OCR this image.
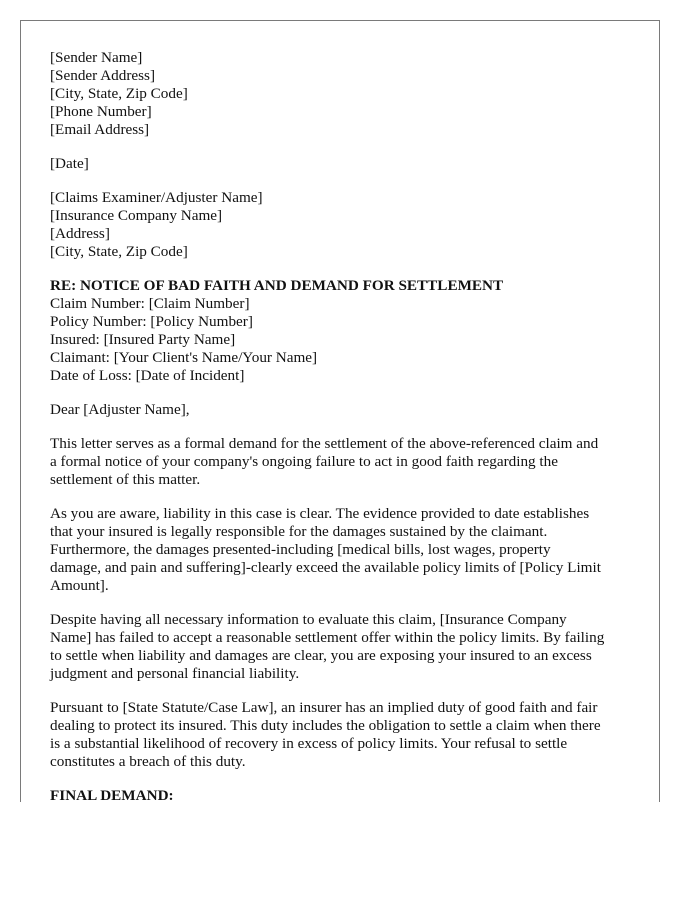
[Sender Name]
[Sender Address]
[City, State, Zip Code]
[Phone Number]
[Email Address]
[Date]
[Claims Examiner/Adjuster Name]
[Insurance Company Name]
[Address]
[City, State, Zip Code]
RE: NOTICE OF BAD FAITH AND DEMAND FOR SETTLEMENT
Claim Number: [Claim Number]
Policy Number: [Policy Number]
Insured: [Insured Party Name]
Claimant: [Your Client's Name/Your Name]
Date of Loss: [Date of Incident]
Dear [Adjuster Name],

This letter serves as a formal demand for the settlement of the above-referenced claim and
a formal notice of your company's ongoing failure to act in good faith regarding the
settlement of this matter.

As you are aware, liability in this case is clear. The evidence provided to date establishes
that your insured is legally responsible for the damages sustained by the claimant.
Furthermore, the damages presented-including [medical bills, lost wages, property
damage, and pain and suffering]-clearly exceed the available policy limits of [Policy Limit
Amount].

Despite having all necessary information to evaluate this claim, [Insurance Company
Name] has failed to accept a reasonable settlement offer within the policy limits. By failing
to settle when liability and damages are clear, you are exposing your insured to an excess
judgment and personal financial liability.

Pursuant to [State Statute/Case Law], an insurer has an implied duty of good faith and fair
dealing to protect its insured. This duty includes the obligation to settle a claim when there
is a substantial likelihood of recovery in excess of policy limits. Your refusal to settle
constitutes a breach of this duty.

FINAL DEMAND:
